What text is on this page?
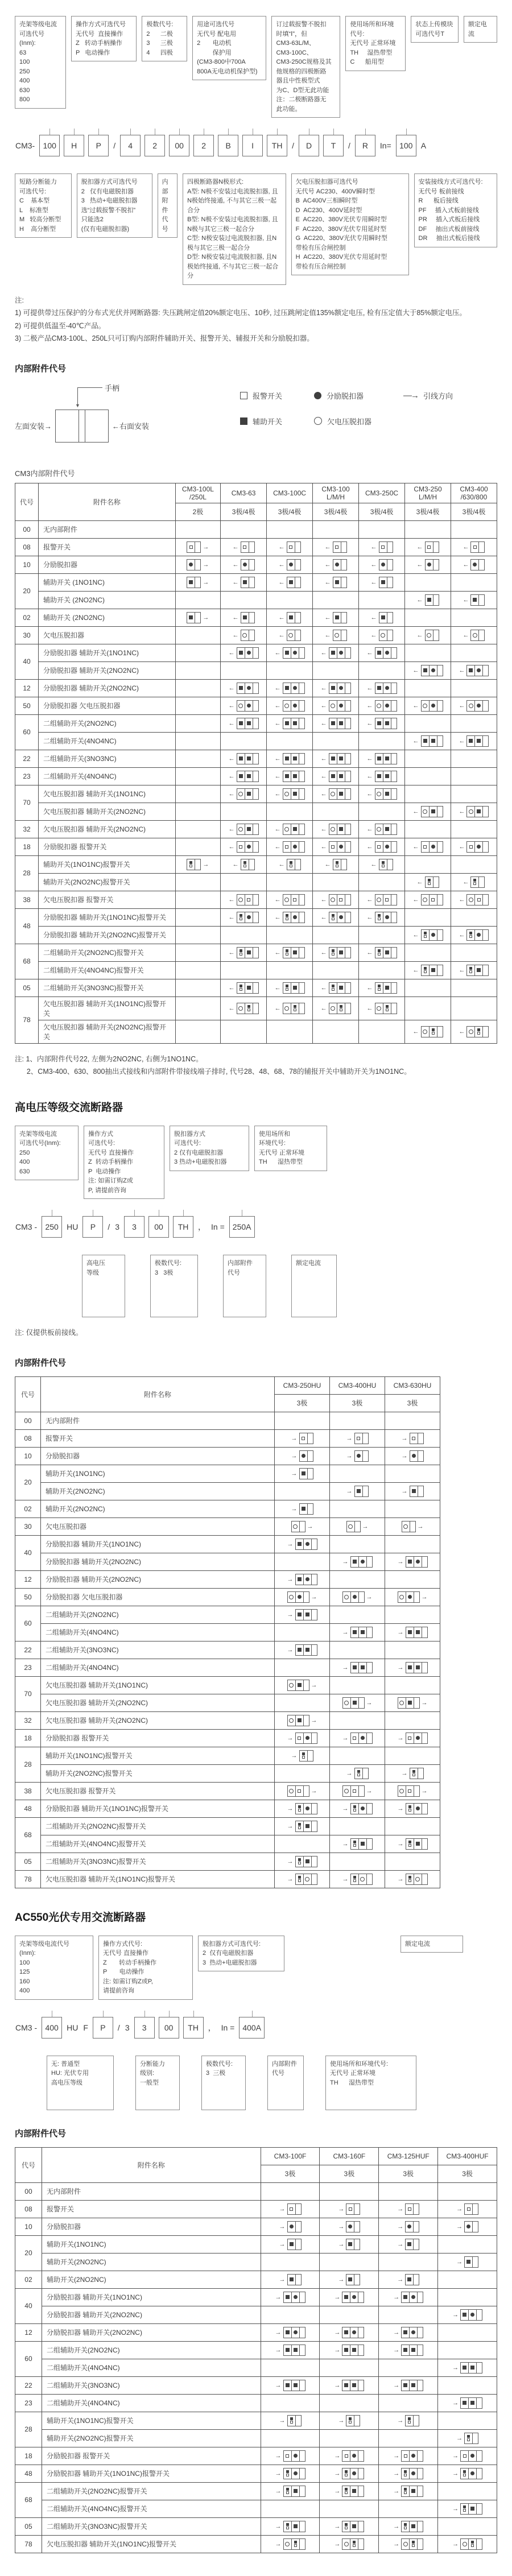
壳架等级电流
可选代号
(Inm):
63
100
250
400
630
800
操作方式可选代号
无代号  直接操作
Z   转动手柄操作
P   电动操作
极数代号:
2      二极
3      三极
4      四极
用途可选代号
无代号 配电用
2       电动机
保护用
(CM3-800中700A
800A无电动机保护型)
订过载报警不脱扣
时填“Ⅰ”，但
CM3-63L/M、
CM3-100C、
CM3-250C规格及其
他规格的四极断路
器且中性极型式
为C、D型无此功能
注：二极断路器无
此功能。
使用场所和环境
代号:
无代号 正常环境
TH     湿热带型
C      船用型
状态上传模块
可选代号T
额定电流
CM3-	100	H	P	/	4	2	00	2	B	I	TH	/	D	T	/	R	In=	100	A
短路分断能力
可选代号:
C    基本型
L    标准型
M   较高分断型
H    高分断型
脱扣器方式可选代号
2   仅有电磁脱扣器
3   热动+电磁脱扣器
选“过载报警不脱扣”
只能选2
(仅有电磁脱扣器)
内部
附件
代号
四极断路器N极形式:
A型: N极不安装过电流脱扣器, 且N极始终接通, 不与其它三极一起合分
B型: N极不安装过电流脱扣器, 且N极与其它三极一起合分
C型: N极安装过电流脱扣器, 且N极与其它三极一起合分
D型: N极安装过电流脱扣器, 且N极始终接通, 不与其它三极一起合分
欠电压脱扣器可选代号
无代号 AC230、400V瞬时型
B  AC400V三相瞬时型
D  AC230、400V延时型
E  AC220、380V光伏专用瞬时型
F  AC220、380V光伏专用延时型
G  AC220、380V光伏专用瞬时型
带检有压合闸控制
H  AC220、380V光伏专用延时型
带检有压合闸控制
安装接线方式可选代号:
无代号 板前接线
R      板后接线
PF     插入式板前接线
PR     插入式板后接线
DF     抽出式板前接线
DR     抽出式板后接线
注:
1) 可提供带过压保护的分布式光伏并网断路器: 失压跳闸定值20%额定电压、10秒, 过压跳闸定值135%额定电压, 检有压定值大于85%额定电压。
2) 可提供低温至-40℃产品。
3) 二极产品CM3-100L、250L只可订购内部附件辅助开关、报警开关、辅报开关和分励脱扣器。
内部附件代号
手柄
▼
左面安装→	←右面安装
报警开关	分励脱扣器	—→ 引线方向
辅助开关	欠电压脱扣器
CM3内部附件代号
代号	附件名称	CM3-100L /250L	CM3-63	CM3-100C	CM3-100 L/M/H	CM3-250C	CM3-250 L/M/H	CM3-400 /630/800
		2极	3极/4极	3极/4极	3极/4极	3极/4极	3极/4极	3极/4极
00	无内部附件							
08	报警开关	→	←	←	←	←	←	←

10	分励脱扣器	→	←	←	←	←	←	←

20	辅助开关 (1NO1NC)	→	←	←	←	←		

	辅助开关 (2NO2NC)						←	←

02	辅助开关 (2NO2NC)	→	←	←	←	←		

30	欠电压脱扣器		←	←	←	←	←	←

40	分励脱扣器 辅助开关(1NO1NC)		←	←	←	←		

	分励脱扣器 辅助开关(2NO2NC)						←	←

12	分励脱扣器 辅助开关(2NO2NC)		←	←	←	←		

50	分励脱扣器 欠电压脱扣器		←	←	←	←	←	←

60	二组辅助开关(2NO2NC)		←	←	←	←		

	二组辅助开关(4NO4NC)						←	←

22	二组辅助开关(3NO3NC)		←	←	←	←		

23	二组辅助开关(4NO4NC)		←	←	←	←		

70	欠电压脱扣器 辅助开关(1NO1NC)		←	←	←	←		

	欠电压脱扣器 辅助开关(2NO2NC)						←	←

32	欠电压脱扣器 辅助开关(2NO2NC)		←	←	←	←		

18	分励脱扣器 报警开关		←	←	←	←	←	←

28	辅助开关(1NO1NC)报警开关	→	←	←	←	←		

	辅助开关(2NO2NC)报警开关						←	←

38	欠电压脱扣器 报警开关		←	←	←	←	←	←

48	分励脱扣器 辅助开关(1NO1NC)报警开关		←	←	←	←		

	分励脱扣器 辅助开关(2NO2NC)报警开关						←	←

68	二组辅助开关(2NO2NC)报警开关		←	←	←	←		

	二组辅助开关(4NO4NC)报警开关						←	←

05	二组辅助开关(3NO3NC)报警开关		←	←	←	←		

78	欠电压脱扣器 辅助开关(1NO1NC)报警开关		←	←	←	←		

	欠电压脱扣器 辅助开关(2NO2NC)报警开关						←	←
注: 1、内部附件代号22, 左侧为2NO2NC, 右侧为1NO1NC。
2、CM3-400、630、800抽出式接线和内部附件带接线端子排时, 代号28、48、68、78的辅报开关中辅助开关为1NO1NC。
高电压等级交流断路器
壳架等级电流
可选代号(Inm):
250
400
630
操作方式
可选代号:
无代号 直接操作
Z  转动手柄操作
P  电动操作
注: 如需订购Z或
P, 请提前咨询
脱扣器方式
可选代号:
2 仅有电磁脱扣器
3 热动+电磁脱扣器
使用场所和
环境代号:
无代号 正常环境
TH      湿热带型
CM3 -	250	HU	P	/ 3	3	00	TH	， In =	250A
高电压
等级
极数代号:
3   3极
内部附件
代号
额定电流
注: 仅提供板前接线。
内部附件代号
代号	附件名称	CM3-250HU	CM3-400HU	CM3-630HU
		3极	3极	3极
00	无内部附件			
08	报警开关	→	→	→

10	分励脱扣器	→	→	→

20	辅助开关(1NO1NC)	→		

	辅助开关(2NO2NC)		→	→

02	辅助开关(2NO2NC)	→		

30	欠电压脱扣器	→	→	→

40	分励脱扣器 辅助开关(1NO1NC)	→		

	分励脱扣器 辅助开关(2NO2NC)		→	→

12	分励脱扣器 辅助开关(2NO2NC)	→		

50	分励脱扣器 欠电压脱扣器	→	→	→

60	二组辅助开关(2NO2NC)	→		

	二组辅助开关(4NO4NC)		→	→

22	二组辅助开关(3NO3NC)	→		

23	二组辅助开关(4NO4NC)		→	→

70	欠电压脱扣器 辅助开关(1NO1NC)	→		

	欠电压脱扣器 辅助开关(2NO2NC)		→	→

32	欠电压脱扣器 辅助开关(2NO2NC)	→		

18	分励脱扣器 报警开关	→	→	→

28	辅助开关(1NO1NC)报警开关	→		

	辅助开关(2NO2NC)报警开关		→	→

38	欠电压脱扣器 报警开关	→	→	→

48	分励脱扣器 辅助开关(1NO1NC)报警开关	→	→	→

68	二组辅助开关(2NO2NC)报警开关	→		

	二组辅助开关(4NO4NC)报警开关		→	→

05	二组辅助开关(3NO3NC)报警开关	→		

78	欠电压脱扣器 辅助开关(1NO1NC)报警开关	→	→	→
AC550光伏专用交流断路器
壳架等级电流代号
(Inm):
100
125
160
400
操作方式代号:
无代号 直接操作
Z       转动手柄操作
P       电动操作
注: 如需订购Z或P,
请提前咨询
脱扣器方式可选代号:
2  仅有电磁脱扣器
3  热动+电磁脱扣器
额定电流
CM3 -	400	HU F	P	/ 3	3	00	TH	， In =	400A
无: 普通型
HU: 光伏专用
高电压等级
分断能力
级别:
一般型
极数代号:
3  三极
内部附件
代号
使用场所和环境代号:
无代号 正常环境
TH      湿热带型
内部附件代号
代号	附件名称	CM3-100F	CM3-160F	CM3-125HUF	CM3-400HUF
		3极	3极	3极	3极
00	无内部附件				
08	报警开关	→	→	→	→

10	分励脱扣器	→	→	→	→

20	辅助开关(1NO1NC)	→	→	→	

	辅助开关(2NO2NC)				→

02	辅助开关(2NO2NC)	→	→	→	

40	分励脱扣器 辅助开关(1NO1NC)	→	→	→	

	分励脱扣器 辅助开关(2NO2NC)				→

12	分励脱扣器 辅助开关(2NO2NC)	→	→	→	

60	二组辅助开关(2NO2NC)	→	→	→	

	二组辅助开关(4NO4NC)				→

22	二组辅助开关(3NO3NC)	→	→	→	

23	二组辅助开关(4NO4NC)				→

28	辅助开关(1NO1NC)报警开关	→	→	→	

	辅助开关(2NO2NC)报警开关				→

18	分励脱扣器 报警开关	→	→	→	→

48	分励脱扣器 辅助开关(1NO1NC)报警开关	→	→	→	→

68	二组辅助开关(2NO2NC)报警开关	→	→	→	

	二组辅助开关(4NO4NC)报警开关				→

05	二组辅助开关(3NO3NC)报警开关	→	→	→	

78	欠电压脱扣器 辅助开关(1NO1NC)报警开关	→	→	→	→
